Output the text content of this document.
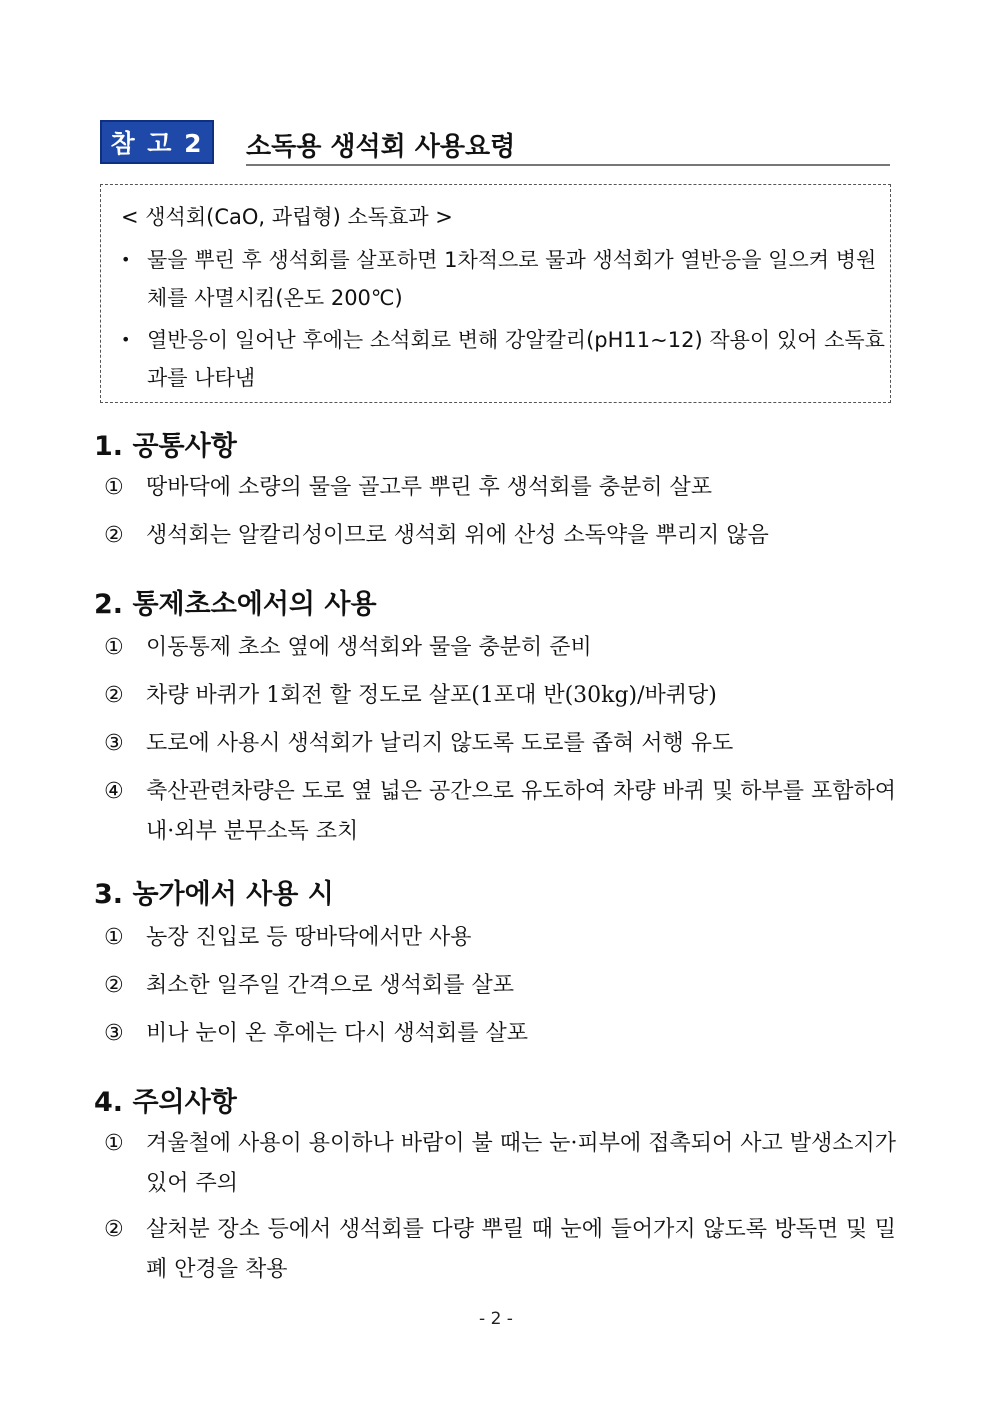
참 고 2	소독용 생석회 사용요령
< 생석회(CaO, 과립형) 소독효과 >
• 물을 뿌린 후 생석회를 살포하면 1차적으로 물과 생석회가 열반응을 일으켜 병원체를 사멸시킴(온도 200℃)
• 열반응이 일어난 후에는 소석회로 변해 강알칼리(pH11∼12) 작용이 있어 소독효과를 나타냄
1. 공통사항
①	땅바닥에 소량의 물을 골고루 뿌린 후 생석회를 충분히 살포
②	생석회는 알칼리성이므로 생석회 위에 산성 소독약을 뿌리지 않음
2. 통제초소에서의 사용
①	이동통제 초소 옆에 생석회와 물을 충분히 준비
②	차량 바퀴가 1회전 할 정도로 살포(1포대 반(30kg)/바퀴당)
③	도로에 사용시 생석회가 날리지 않도록 도로를 좁혀 서행 유도
④	축산관련차량은 도로 옆 넓은 공간으로 유도하여 차량 바퀴 및 하부를 포함하여 내·외부 분무소독 조치
3. 농가에서 사용 시
①	농장 진입로 등 땅바닥에서만 사용
②	최소한 일주일 간격으로 생석회를 살포
③	비나 눈이 온 후에는 다시 생석회를 살포
4. 주의사항
①	겨울철에 사용이 용이하나 바람이 불 때는 눈·피부에 접촉되어 사고 발생소지가 있어 주의
②	살처분 장소 등에서 생석회를 다량 뿌릴 때 눈에 들어가지 않도록 방독면 및 밀폐 안경을 착용
- 2 -
